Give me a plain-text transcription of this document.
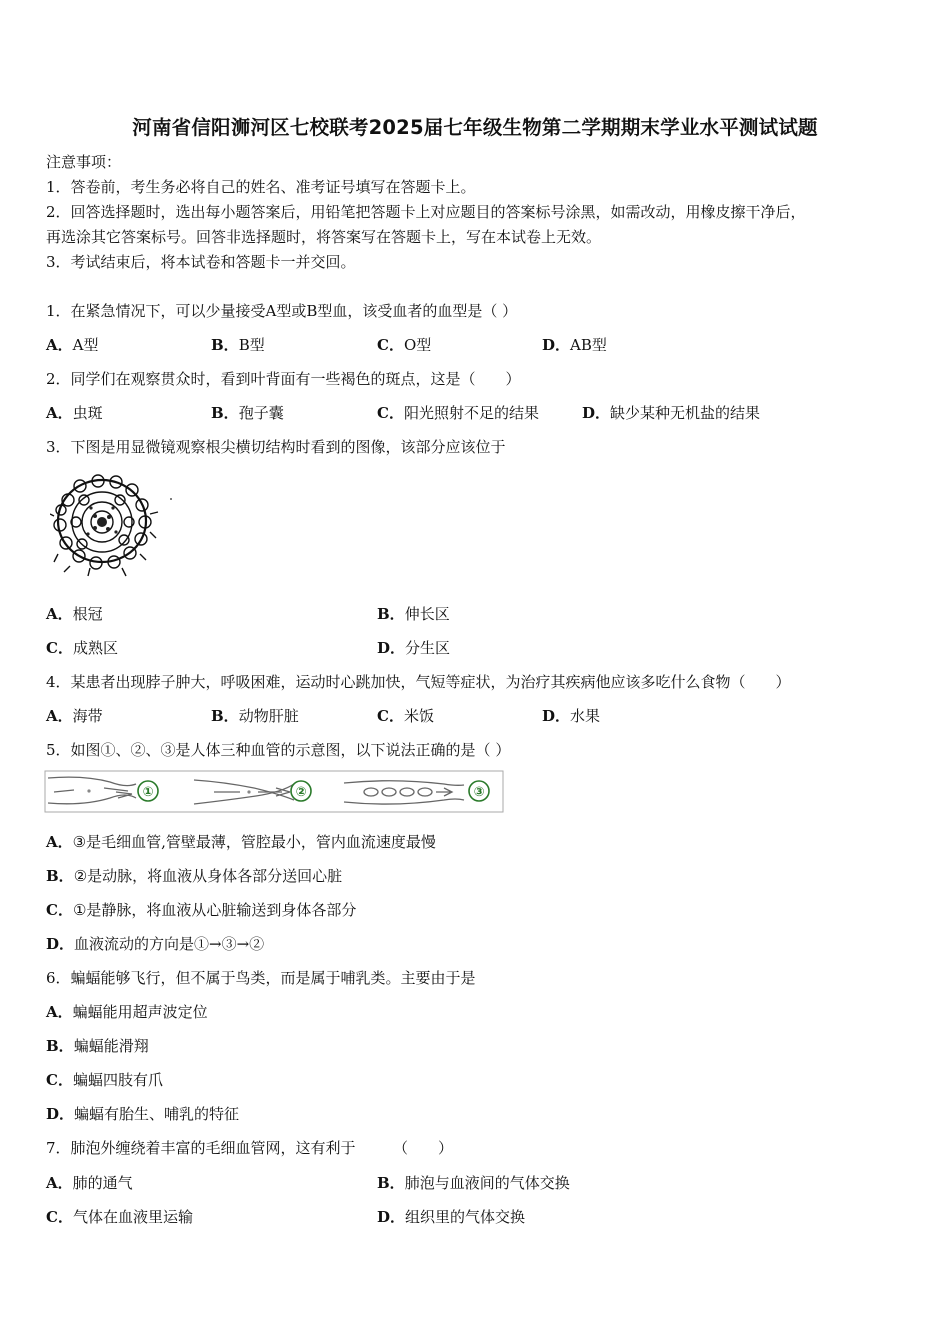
河南省信阳浉河区七校联考2025届七年级生物第二学期期末学业水平测试试题
注意事项：
1．答卷前，考生务必将自己的姓名、准考证号填写在答题卡上。
2．回答选择题时，选出每小题答案后，用铅笔把答题卡上对应题目的答案标号涂黑，如需改动，用橡皮擦干净后，
再选涂其它答案标号。回答非选择题时，将答案写在答题卡上，写在本试卷上无效。
3．考试结束后，将本试卷和答题卡一并交回。
1．在紧急情况下，可以少量接受A型或B型血，该受血者的血型是（ ）
A．A型	B．B型	C．O型	D．AB型
2．同学们在观察贯众时，看到叶背面有一些褐色的斑点，这是（　　）
A．虫斑	B．孢子囊	C．阳光照射不足的结果	D．缺少某种无机盐的结果
3．下图是用显微镜观察根尖横切结构时看到的图像，该部分应该位于
A．根冠	B．伸长区
C．成熟区	D．分生区
4．某患者出现脖子肿大，呼吸困难，运动时心跳加快，气短等症状，为治疗其疾病他应该多吃什么食物（　　）
A．海带	B．动物肝脏	C．米饭	D．水果
5．如图①、②、③是人体三种血管的示意图，以下说法正确的是（ ）
①	②	③
A．③是毛细血管,管壁最薄，管腔最小，管内血流速度最慢
B．②是动脉，将血液从身体各部分送回心脏
C．①是静脉，将血液从心脏输送到身体各部分
D．血液流动的方向是①→③→②
6．蝙蝠能够飞行，但不属于鸟类，而是属于哺乳类。主要由于是
A．蝙蝠能用超声波定位
B．蝙蝠能滑翔
C．蝙蝠四肢有爪
D．蝙蝠有胎生、哺乳的特征
7．肺泡外缠绕着丰富的毛细血管网，这有利于　　　（　　）
A．肺的通气	B．肺泡与血液间的气体交换
C．气体在血液里运输	D．组织里的气体交换
